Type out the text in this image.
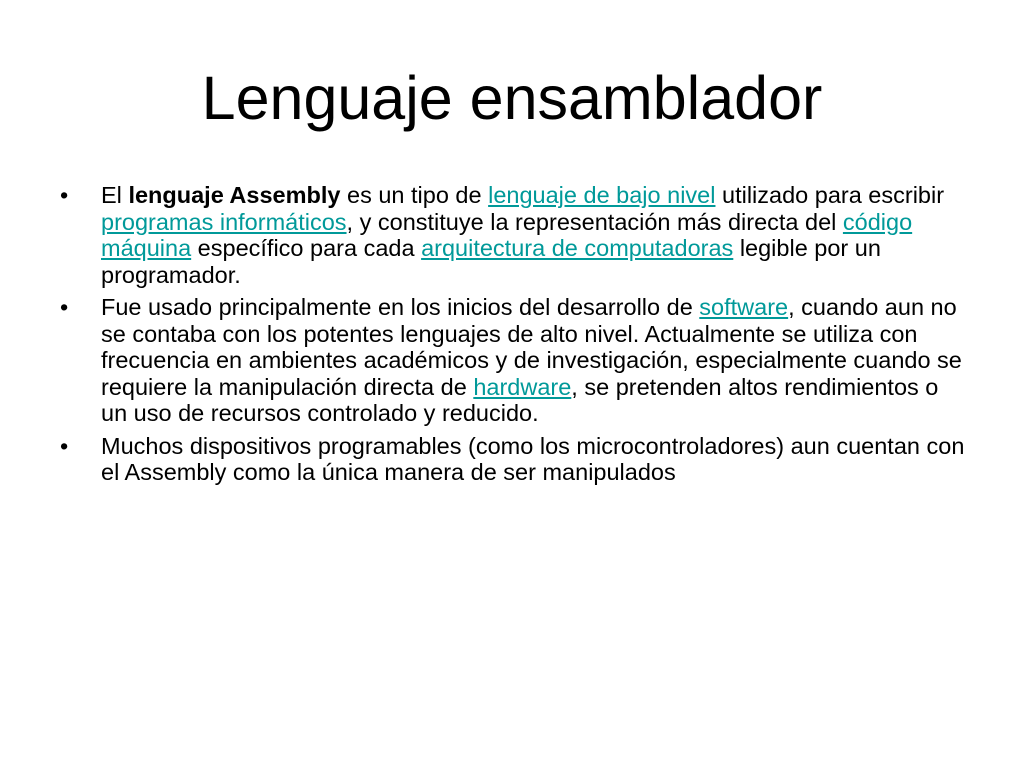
Lenguaje ensamblador
• El lenguaje Assembly es un tipo de lenguaje de bajo nivel utilizado para escribir programas informáticos, y constituye la representación más directa del código máquina específico para cada arquitectura de computadoras legible por un programador.
• Fue usado principalmente en los inicios del desarrollo de software, cuando aun no se contaba con los potentes lenguajes de alto nivel. Actualmente se utiliza con frecuencia en ambientes académicos y de investigación, especialmente cuando se requiere la manipulación directa de hardware, se pretenden altos rendimientos o un uso de recursos controlado y reducido.
• Muchos dispositivos programables (como los microcontroladores) aun cuentan con el Assembly como la única manera de ser manipulados
